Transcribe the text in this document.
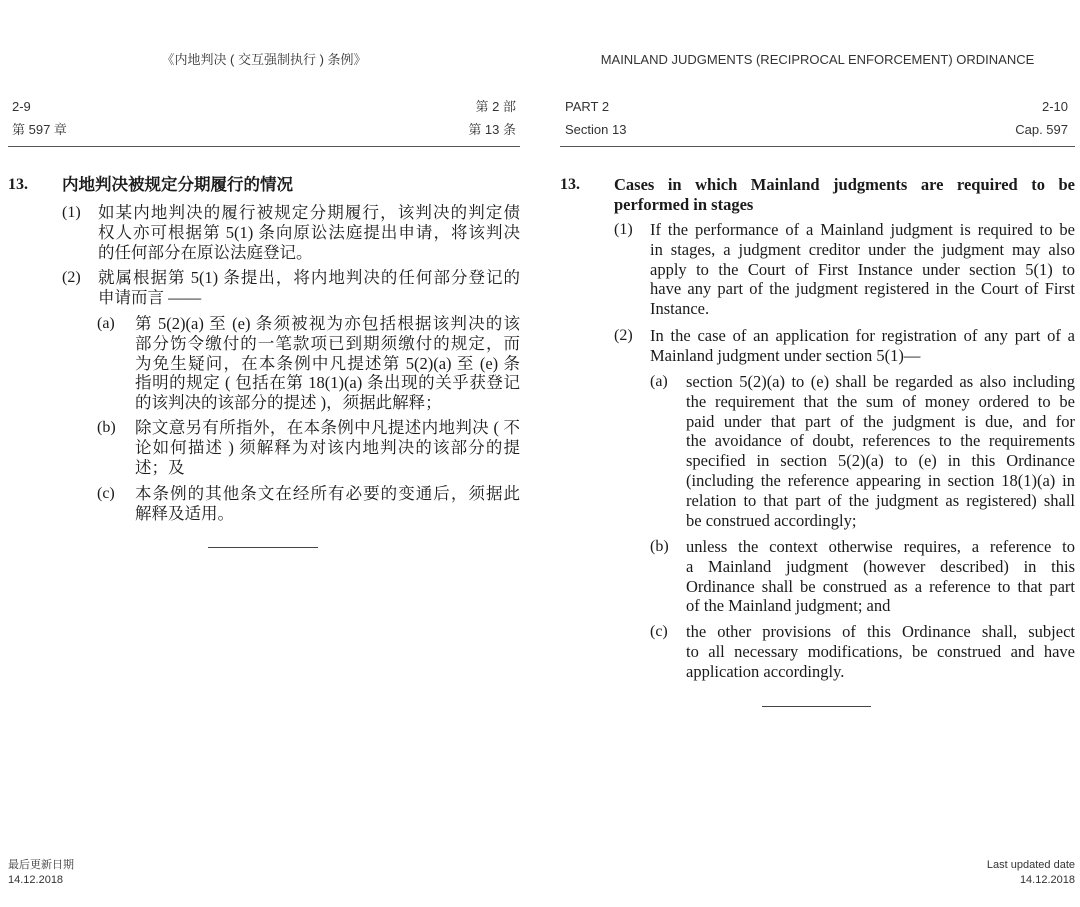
《内地判决 ( 交互强制执行 ) 条例》	MAINLAND JUDGMENTS (RECIPROCAL ENFORCEMENT) ORDINANCE
2-9	第 2 部
第 597 章	第 13 条
PART 2	2-10
Section 13	Cap. 597
13. 内地判决被规定分期履行的情况
(1) 如某内地判决的履行被规定分期履行，该判决的判定债
权人亦可根据第 5(1) 条向原讼法庭提出申请，将该判决
的任何部分在原讼法庭登记。
(2) 就属根据第 5(1) 条提出，将内地判决的任何部分登记的
申请而言 ——
(a) 第 5(2)(a) 至 (e) 条须被视为亦包括根据该判决的该
部分饬令缴付的一笔款项已到期须缴付的规定，而
为免生疑问，在本条例中凡提述第 5(2)(a) 至 (e) 条
指明的规定 ( 包括在第 18(1)(a) 条出现的关乎获登记
的该判决的该部分的提述 )，须据此解释；
(b) 除文意另有所指外，在本条例中凡提述内地判决 ( 不
论如何描述 ) 须解释为对该内地判决的该部分的提
述；及
(c) 本条例的其他条文在经所有必要的变通后，须据此
解释及适用。
13. Cases in which Mainland judgments are required to be
performed in stages
(1) If the performance of a Mainland judgment is required to be
in stages, a judgment creditor under the judgment may also
apply to the Court of First Instance under section 5(1) to
have any part of the judgment registered in the Court of First
Instance.
(2) In the case of an application for registration of any part of a
Mainland judgment under section 5(1)—
(a) section 5(2)(a) to (e) shall be regarded as also including
the requirement that the sum of money ordered to be
paid under that part of the judgment is due, and for
the avoidance of doubt, references to the requirements
specified in section 5(2)(a) to (e) in this Ordinance
(including the reference appearing in section 18(1)(a) in
relation to that part of the judgment as registered) shall
be construed accordingly;
(b) unless the context otherwise requires, a reference to
a Mainland judgment (however described) in this
Ordinance shall be construed as a reference to that part
of the Mainland judgment; and
(c) the other provisions of this Ordinance shall, subject
to all necessary modifications, be construed and have
application accordingly.
最后更新日期
14.12.2018
Last updated date
14.12.2018
